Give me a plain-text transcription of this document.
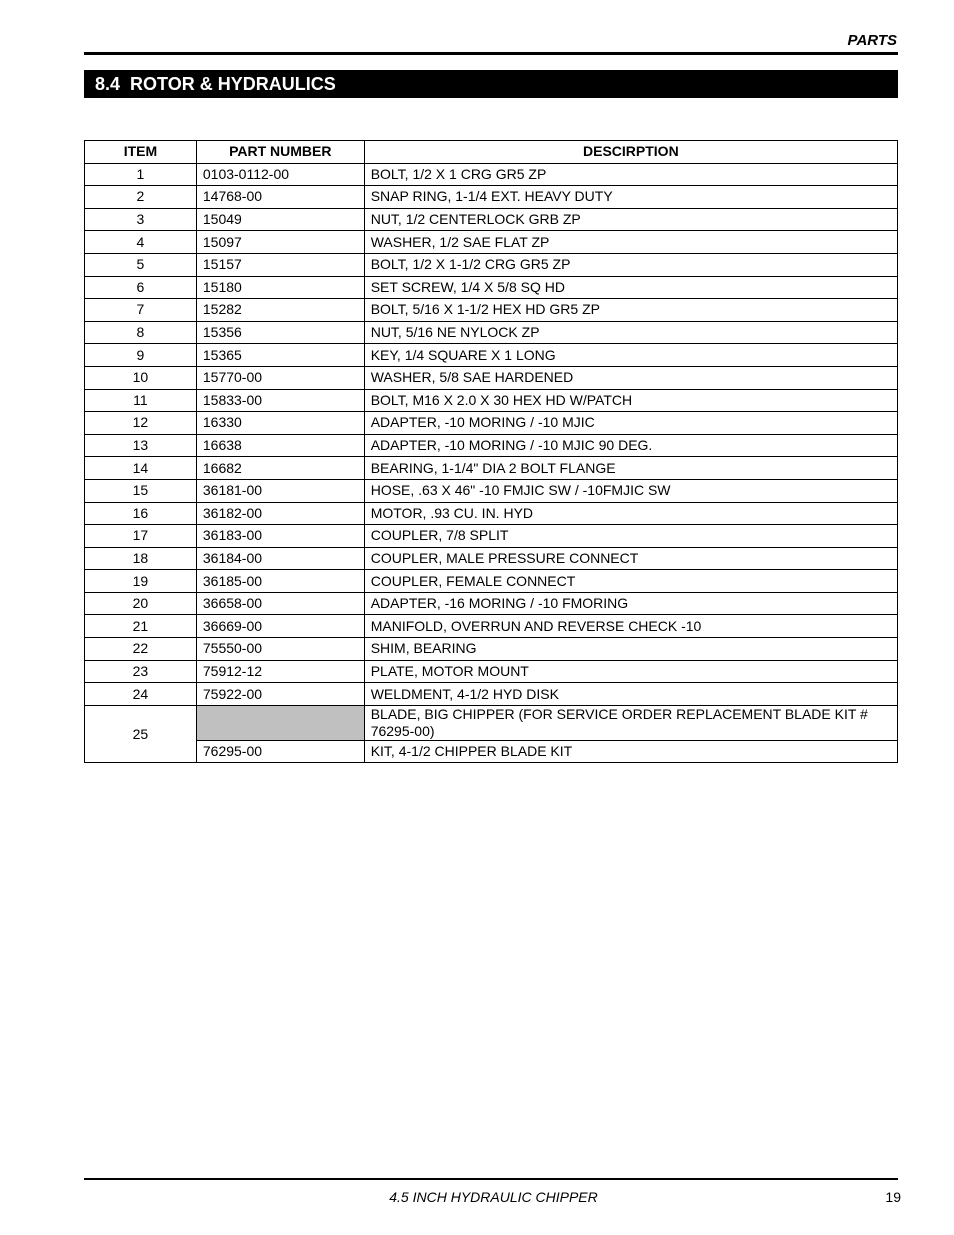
PARTS
8.4  ROTOR & HYDRAULICS
ITEM	PART NUMBER	DESCIRPTION
1	0103-0112-00	BOLT, 1/2 X 1 CRG GR5 ZP
2	14768-00	SNAP RING, 1-1/4 EXT. HEAVY DUTY
3	15049	NUT, 1/2 CENTERLOCK GRB ZP
4	15097	WASHER, 1/2 SAE FLAT ZP
5	15157	BOLT, 1/2 X 1-1/2 CRG GR5 ZP
6	15180	SET SCREW, 1/4 X 5/8 SQ HD
7	15282	BOLT, 5/16 X 1-1/2 HEX HD GR5 ZP
8	15356	NUT, 5/16 NE NYLOCK ZP
9	15365	KEY, 1/4 SQUARE X 1 LONG
10	15770-00	WASHER, 5/8 SAE HARDENED
11	15833-00	BOLT, M16 X 2.0 X 30 HEX HD W/PATCH
12	16330	ADAPTER, -10 MORING / -10 MJIC
13	16638	ADAPTER, -10 MORING / -10 MJIC 90 DEG.
14	16682	BEARING, 1-1/4" DIA 2 BOLT FLANGE
15	36181-00	HOSE, .63 X 46" -10 FMJIC SW / -10FMJIC SW
16	36182-00	MOTOR, .93 CU. IN. HYD
17	36183-00	COUPLER, 7/8 SPLIT
18	36184-00	COUPLER, MALE PRESSURE CONNECT
19	36185-00	COUPLER, FEMALE CONNECT
20	36658-00	ADAPTER, -16 MORING / -10 FMORING
21	36669-00	MANIFOLD, OVERRUN AND REVERSE CHECK -10
22	75550-00	SHIM, BEARING
23	75912-12	PLATE, MOTOR MOUNT
24	75922-00	WELDMENT, 4-1/2 HYD DISK
25		BLADE, BIG CHIPPER (FOR SERVICE ORDER REPLACEMENT BLADE KIT # 76295-00)
	76295-00	KIT, 4-1/2 CHIPPER BLADE KIT
4.5 INCH HYDRAULIC CHIPPER	19
